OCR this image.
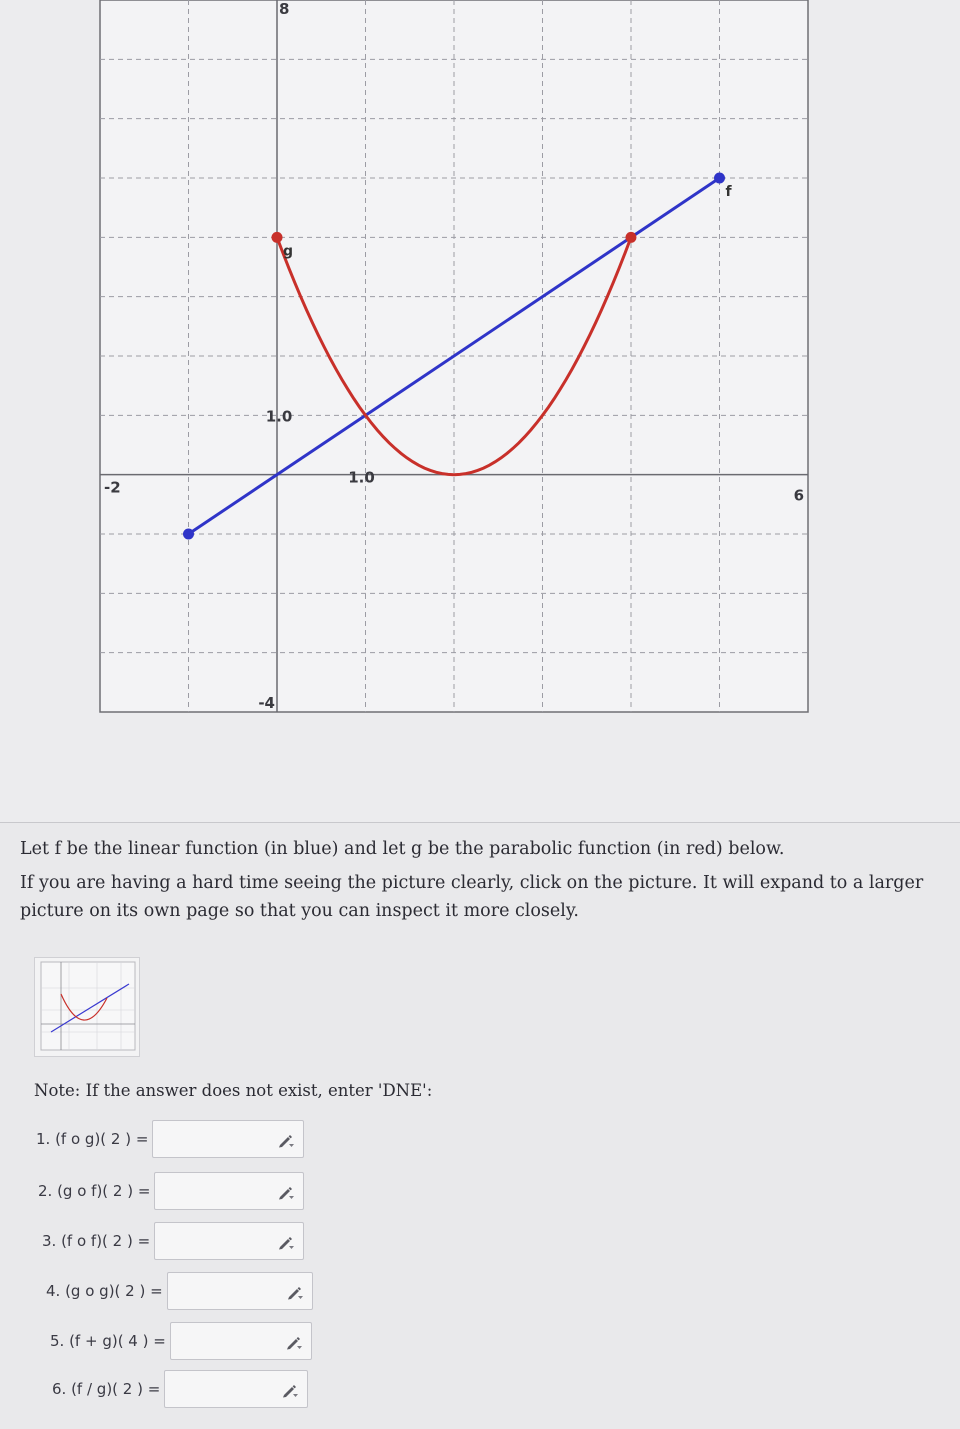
-2	6
-4
8
1.0
1.0
f
g

Let f be the linear function (in blue) and let g be the parabolic function (in red) below.

If you are having a hard time seeing the picture clearly, click on the picture. It will expand to a larger picture on its own page so that you can inspect it more closely.

Note: If the answer does not exist, enter 'DNE':
1. (f o g)( 2 ) =
2. (g o f)( 2 ) =
3. (f o f)( 2 ) =
4. (g o g)( 2 ) =
5. (f + g)( 4 ) =
6. (f / g)( 2 ) =
